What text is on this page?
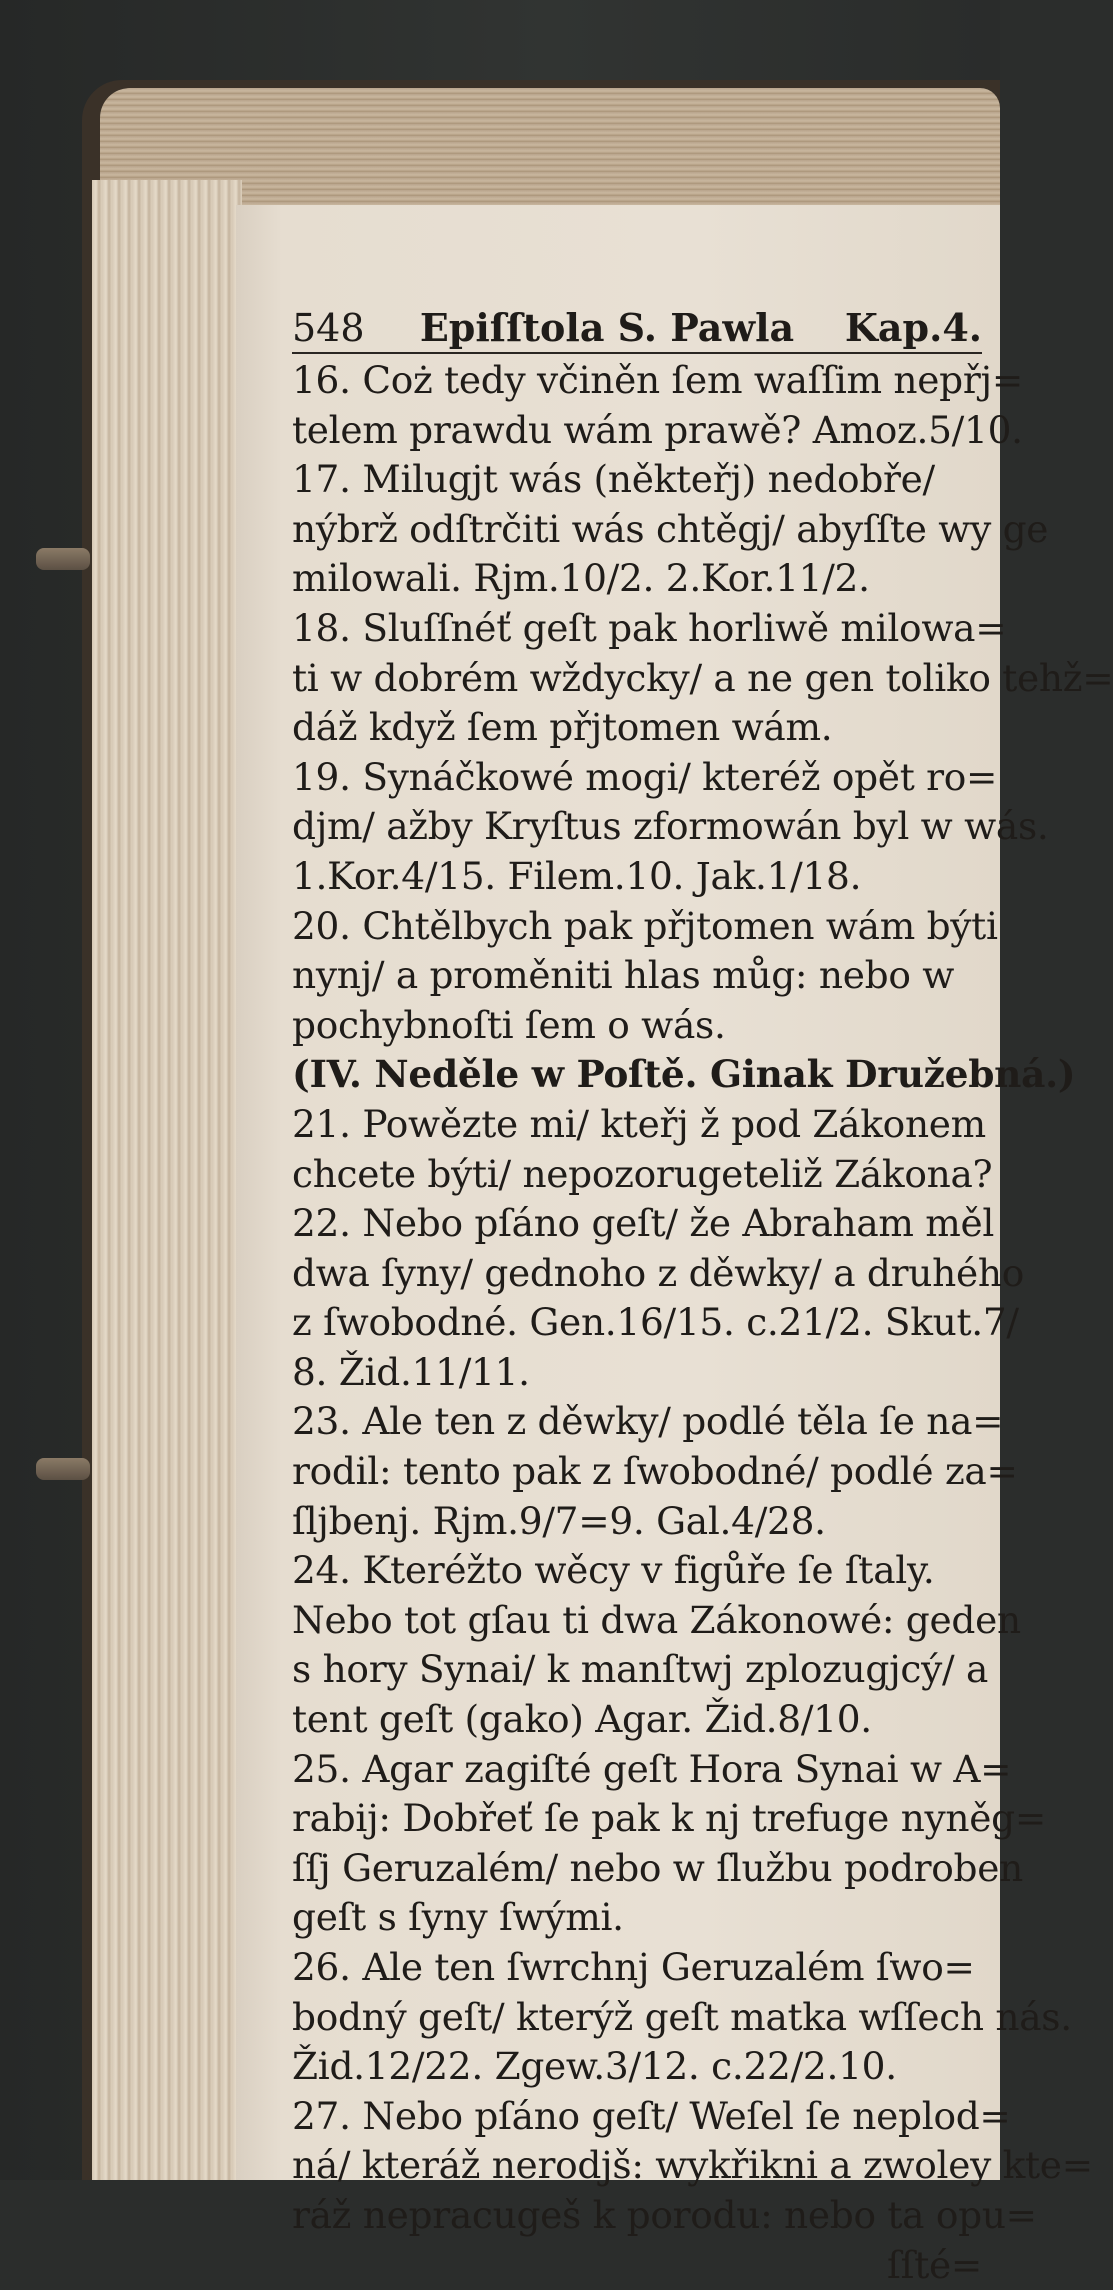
548	Epiſſtola S. Pawla	Kap.4.
16. Coż tedy včiněn ſem waſſim nepřj=
telem prawdu wám prawě? Amoz.5/10.
17. Milugjt wás (někteřj) nedobře/
nýbrž odſtrčiti wás chtěgj/ abyſſte wy ge
milowali. Rjm.10/2. 2.Kor.11/2.
18. Sluſſnéť geſt pak horliwě milowa=
ti w dobrém wždycky/ a ne gen toliko tehž=
dáž když ſem přjtomen wám.
19. Synáčkowé mogi/ kteréž opět ro=
djm/ ažby Kryſtus zformowán byl w wás.
1.Kor.4/15. Filem.10. Jak.1/18.
20. Chtělbych pak přjtomen wám býti
nynj/ a proměniti hlas můg: nebo w
pochybnoſti ſem o wás.
(IV. Neděle w Poſtě. Ginak Družebná.)
21. Powězte mi/ kteřj ž pod Zákonem
chcete býti/ nepozorugeteliž Zákona?
22. Nebo pſáno geſt/ že Abraham měl
dwa ſyny/ gednoho z děwky/ a druhého
z ſwobodné. Gen.16/15. c.21/2. Skut.7/
8. Žid.11/11.
23. Ale ten z děwky/ podlé těla ſe na=
rodil: tento pak z ſwobodné/ podlé za=
ſljbenj. Rjm.9/7=9. Gal.4/28.
24. Kteréžto wěcy v figůře ſe ſtaly.
Nebo tot gſau ti dwa Zákonowé: geden
s hory Synai/ k manſtwj zplozugjcý/ a
tent geſt (gako) Agar. Žid.8/10.
25. Agar zagiſté geſt Hora Synai w A=
rabij: Dobřeť ſe pak k nj trefuge nyněg=
ſſj Geruzalém/ nebo w ſlužbu podroben
geſt s ſyny ſwými.
26. Ale ten ſwrchnj Geruzalém ſwo=
bodný geſt/ kterýž geſt matka wſſech nás.
Žid.12/22. Zgew.3/12. c.22/2.10.
27. Nebo pſáno geſt/ Weſel ſe neplod=
ná/ kteráž nerodjš: wykřikni a zwoley kte=
ráž nepracugeš k porodu: nebo ta opu=
ſſté=
